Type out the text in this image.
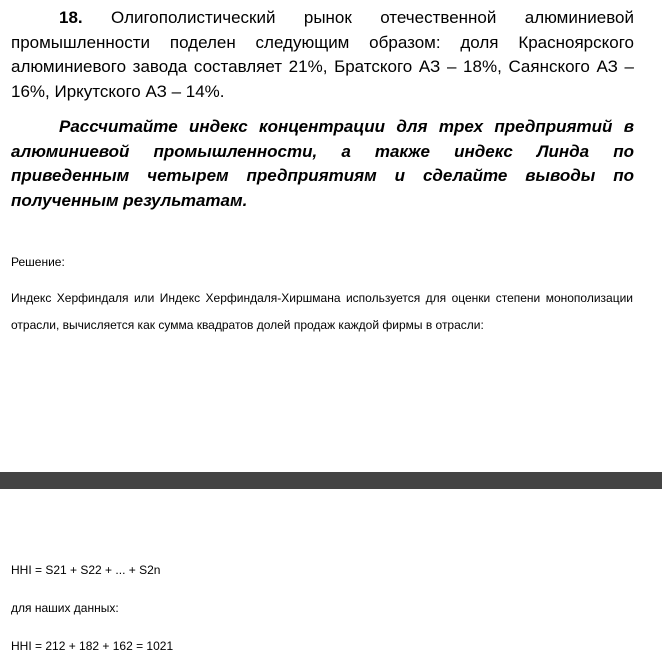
18. Олигополистический рынок отечественной алюминиевой промышленности поделен следующим образом: доля Красноярского алюминиевого завода составляет 21%, Братского АЗ – 18%, Саянского АЗ – 16%, Иркутского АЗ – 14%.
Рассчитайте индекс концентрации для трех предприятий в алюминиевой промышленности, а также индекс Линда по приведенным четырем предприятиям и сделайте выводы по полученным результатам.
Решение:
Индекс Херфиндаля или Индекс Херфиндаля-Хиршмана используется для оценки степени монополизации отрасли, вычисляется как сумма квадратов долей продаж каждой фирмы в отрасли:
HHI = S21 + S22 + ... + S2n
для наших данных:
HHI = 212 + 182 + 162 = 1021
